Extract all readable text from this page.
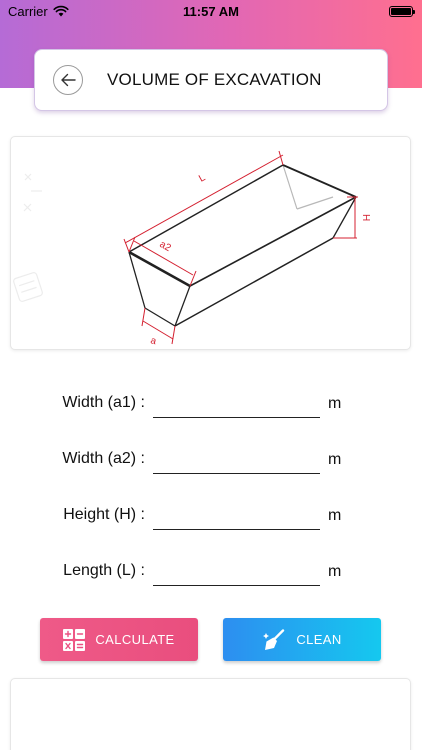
Carrier	11:57 AM
VOLUME OF EXCAVATION
L
a2
a
H
Width (a1) :	m
Width (a2) :	m
Height (H) :	m
Length (L) :	m
CALCULATE	CLEAN
